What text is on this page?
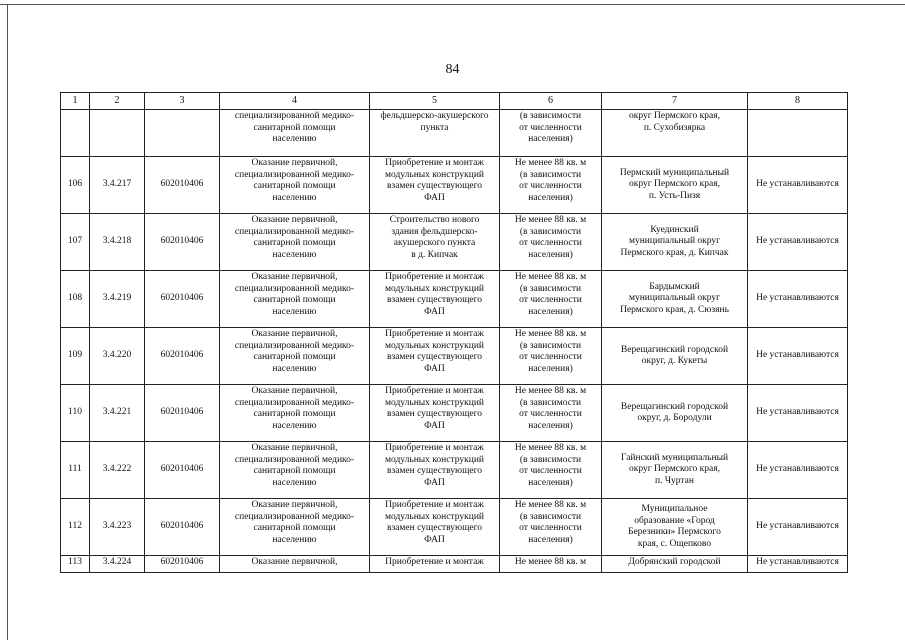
84
1	2	3	4	5	6	7	8
			специализированной медико-
санитарной помощи
населению	фельдшерско-акушерского
пункта	(в зависимости
от численности
населения)	округ Пермского края,
п. Сухобизярка	
106	3.4.217	602010406	Оказание первичной,
специализированной медико-
санитарной помощи
населению	Приобретение и монтаж
модульных конструкций
взамен существующего
ФАП	Не менее 88 кв. м
(в зависимости
от численности
населения)	Пермский муниципальный
округ Пермского края,
п. Усть-Пизя	Не устанавливаются
107	3.4.218	602010406	Оказание первичной,
специализированной медико-
санитарной помощи
населению	Строительство нового
здания фельдшерско-
акушерского пункта
в д. Кипчак	Не менее 88 кв. м
(в зависимости
от численности
населения)	Куединский
муниципальный округ
Пермского края, д. Кипчак	Не устанавливаются
108	3.4.219	602010406	Оказание первичной,
специализированной медико-
санитарной помощи
населению	Приобретение и монтаж
модульных конструкций
взамен существующего
ФАП	Не менее 88 кв. м
(в зависимости
от численности
населения)	Бардымский
муниципальный округ
Пермского края, д. Сюзянь	Не устанавливаются
109	3.4.220	602010406	Оказание первичной,
специализированной медико-
санитарной помощи
населению	Приобретение и монтаж
модульных конструкций
взамен существующего
ФАП	Не менее 88 кв. м
(в зависимости
от численности
населения)	Верещагинский городской
округ, д. Кукеты	Не устанавливаются
110	3.4.221	602010406	Оказание первичной,
специализированной медико-
санитарной помощи
населению	Приобретение и монтаж
модульных конструкций
взамен существующего
ФАП	Не менее 88 кв. м
(в зависимости
от численности
населения)	Верещагинский городской
округ, д. Бородули	Не устанавливаются
111	3.4.222	602010406	Оказание первичной,
специализированной медико-
санитарной помощи
населению	Приобретение и монтаж
модульных конструкций
взамен существующего
ФАП	Не менее 88 кв. м
(в зависимости
от численности
населения)	Гайнский муниципальный
округ Пермского края,
п. Чуртан	Не устанавливаются
112	3.4.223	602010406	Оказание первичной,
специализированной медико-
санитарной помощи
населению	Приобретение и монтаж
модульных конструкций
взамен существующего
ФАП	Не менее 88 кв. м
(в зависимости
от численности
населения)	Муниципальное
образование «Город
Березники» Пермского
края, с. Ощепково	Не устанавливаются
113	3.4.224	602010406	Оказание первичной,	Приобретение и монтаж	Не менее 88 кв. м	Добрянский городской	Не устанавливаются
